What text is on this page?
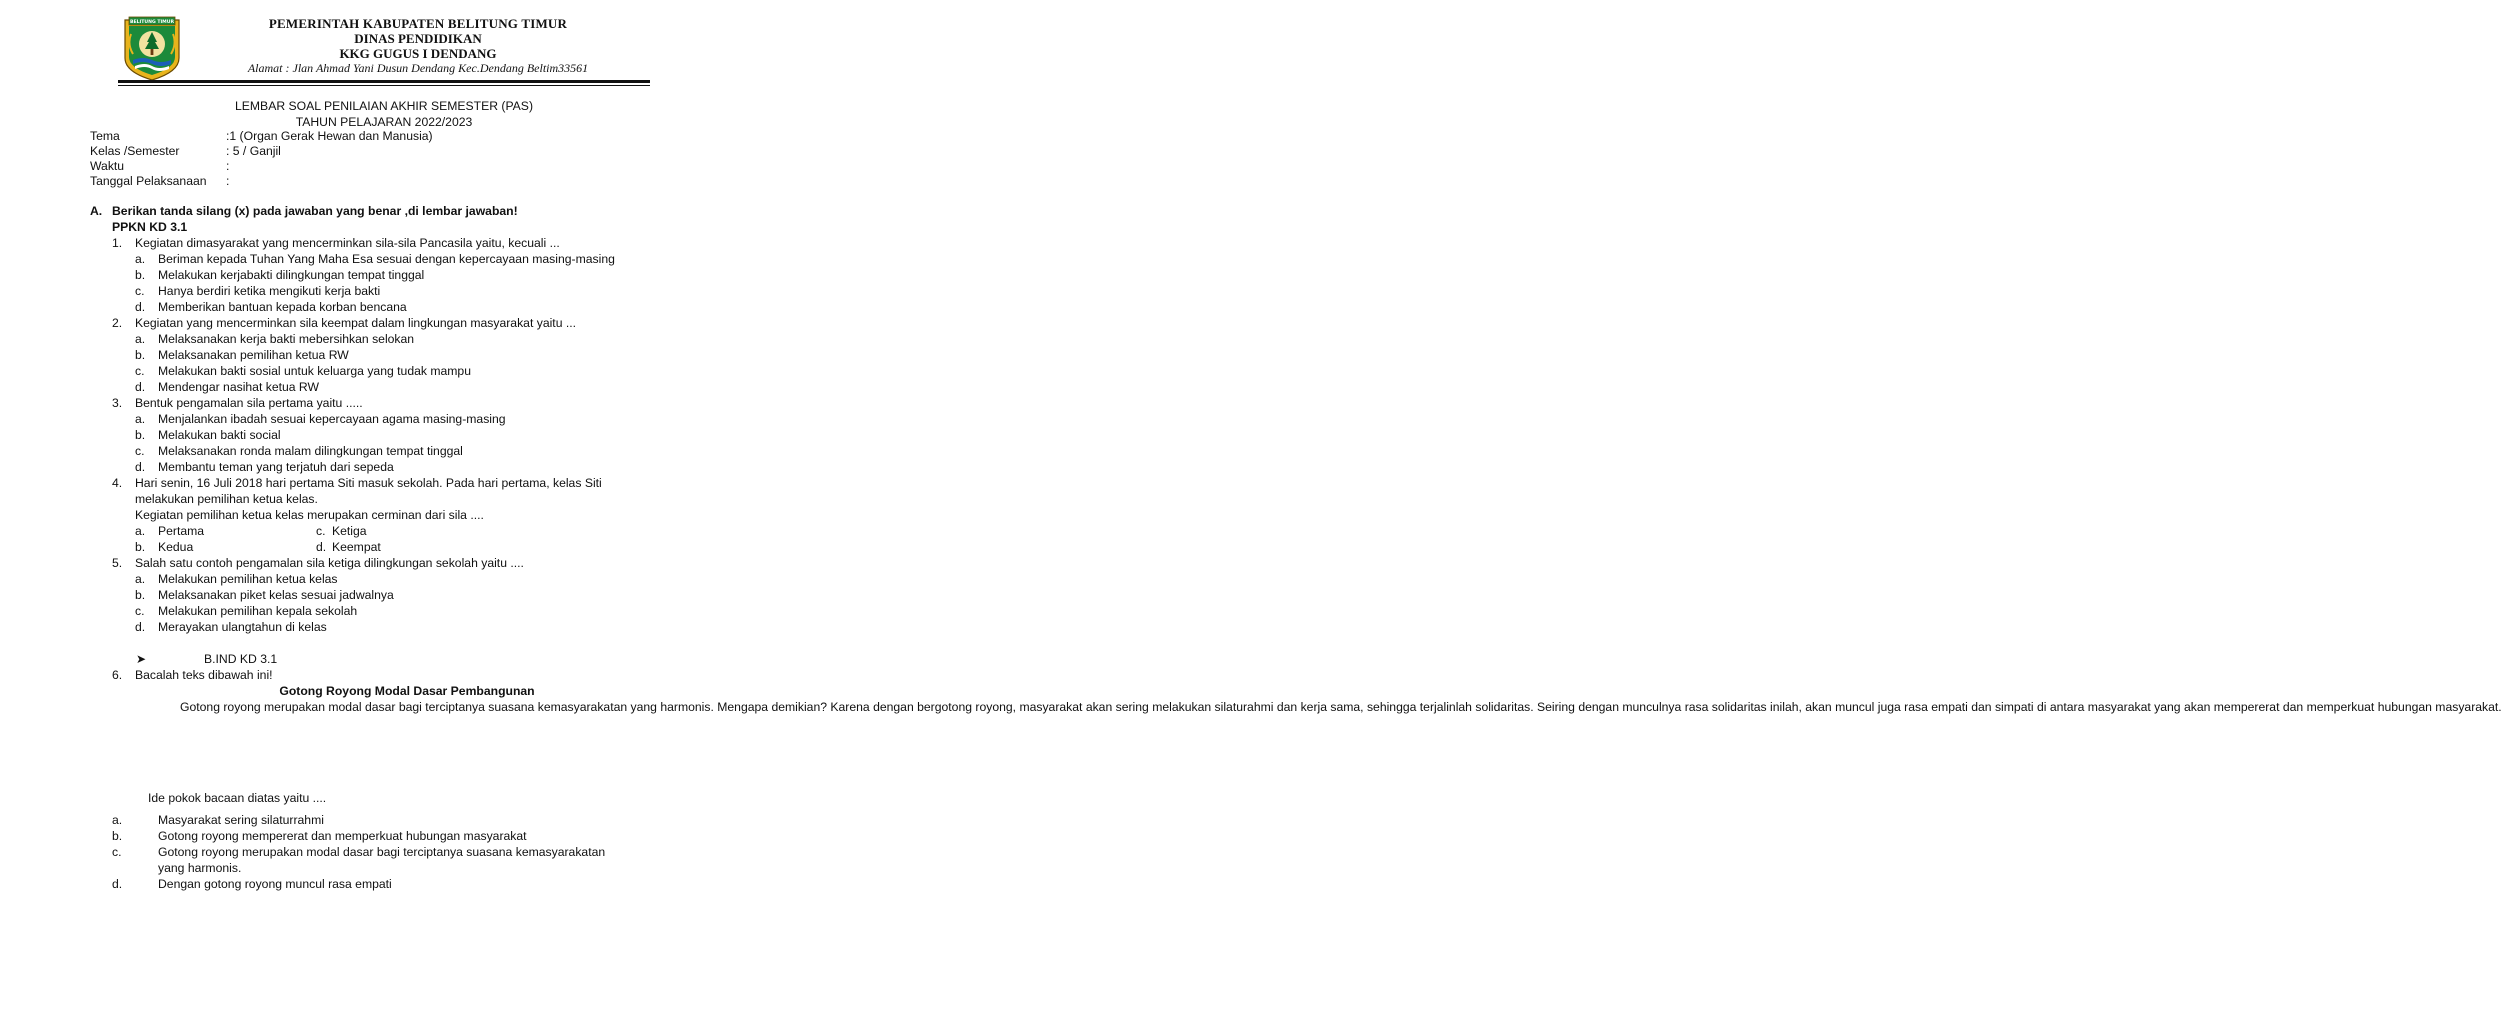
BELITUNG TIMUR	PEMERINTAH KABUPATEN BELITUNG TIMUR
DINAS PENDIDIKAN
KKG GUGUS I DENDANG
Alamat : Jlan Ahmad Yani Dusun Dendang Kec.Dendang Beltim33561
LEMBAR SOAL PENILAIAN AKHIR SEMESTER (PAS)
TAHUN PELAJARAN 2022/2023
Tema	:1 (Organ Gerak Hewan dan Manusia)
Kelas /Semester	: 5 / Ganjil
Waktu	:
Tanggal Pelaksanaan	:
A. Berikan tanda silang (x) pada jawaban yang benar ,di lembar jawaban!
PPKN KD 3.1
1. Kegiatan dimasyarakat yang mencerminkan sila-sila Pancasila yaitu, kecuali ...
a. Beriman kepada Tuhan Yang Maha Esa sesuai dengan kepercayaan masing-masing
b. Melakukan kerjabakti dilingkungan tempat tinggal
c. Hanya berdiri ketika mengikuti kerja bakti
d. Memberikan bantuan kepada korban bencana
2. Kegiatan yang mencerminkan sila keempat dalam lingkungan masyarakat yaitu ...
a. Melaksanakan kerja bakti mebersihkan selokan
b. Melaksanakan pemilihan ketua RW
c. Melakukan bakti sosial untuk keluarga yang tudak mampu
d. Mendengar nasihat ketua RW
3. Bentuk pengamalan sila pertama yaitu .....
a. Menjalankan ibadah sesuai kepercayaan agama masing-masing
b. Melakukan bakti social
c. Melaksanakan ronda malam dilingkungan tempat tinggal
d. Membantu teman yang terjatuh dari sepeda
4. Hari senin, 16 Juli 2018 hari pertama Siti masuk sekolah. Pada hari pertama, kelas Siti
melakukan pemilihan ketua kelas.
Kegiatan pemilihan ketua kelas merupakan cerminan dari sila ....
a. Pertama	c. Ketiga
b. Kedua	d. Keempat
5. Salah satu contoh pengamalan sila ketiga dilingkungan sekolah yaitu ....
a. Melakukan pemilihan ketua kelas
b. Melaksanakan piket kelas sesuai jadwalnya
c. Melakukan pemilihan kepala sekolah
d. Merayakan ulangtahun di kelas
➤	B.IND KD 3.1
6. Bacalah teks dibawah ini!
Gotong Royong Modal Dasar Pembangunan
Gotong royong merupakan modal dasar bagi terciptanya suasana kemasyarakatan yang harmonis. Mengapa demikian? Karena dengan bergotong royong, masyarakat akan sering melakukan silaturahmi dan kerja sama, sehingga terjalinlah solidaritas. Seiring dengan munculnya rasa solidaritas inilah, akan muncul juga rasa empati dan simpati di antara masyarakat yang akan mempererat dan memperkuat hubungan masyarakat.
Ide pokok bacaan diatas yaitu ....
a.	Masyarakat sering silaturrahmi
b.	Gotong royong mempererat dan memperkuat hubungan masyarakat
c.	Gotong royong merupakan modal dasar bagi terciptanya suasana kemasyarakatan
yang harmonis.
d.	Dengan gotong royong muncul rasa empati
